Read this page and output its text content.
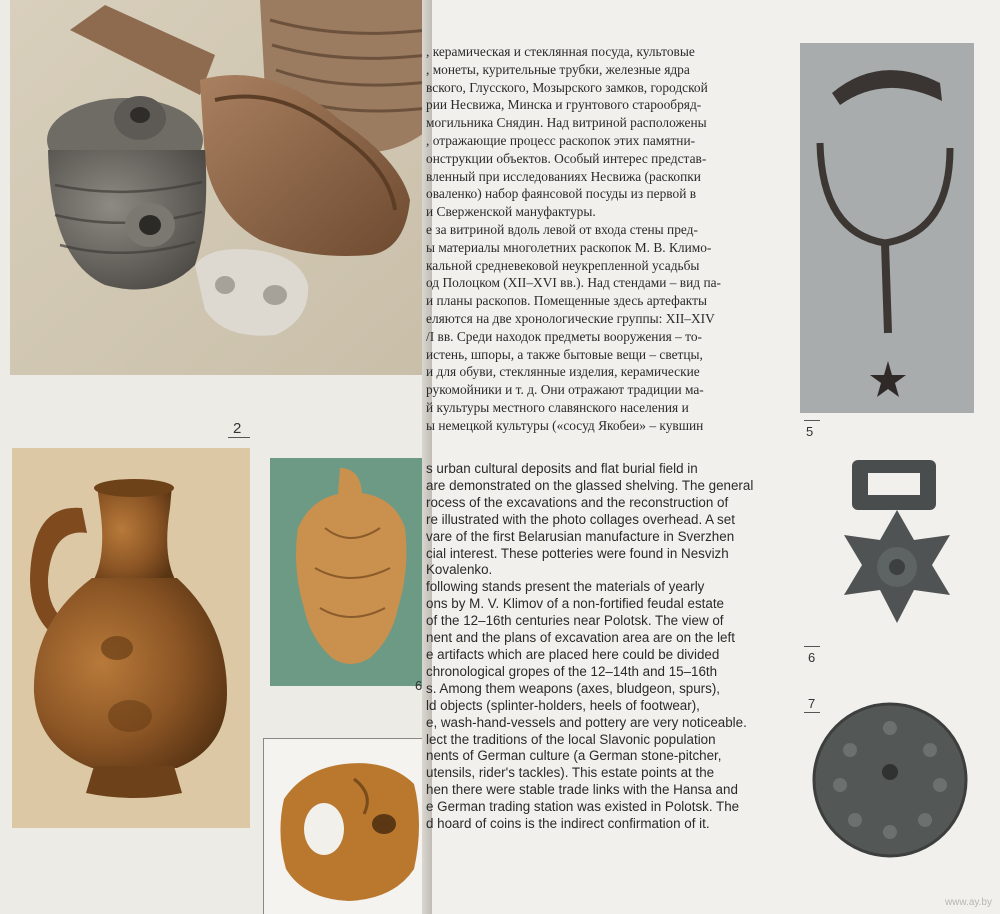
2
6
5
6
7
www.ay.by

, керамическая и стеклянная посуда, культовые

, монеты, курительные трубки, железные ядра

вского, Глусского, Мозырского замков, городской

рии Несвижа, Минска и грунтового старообряд-

могильника Снядин. Над витриной расположены

, отражающие процесс раскопок этих памятни-

онструкции объектов. Особый интерес представ-

вленный при исследованиях Несвижа (раскопки

оваленко) набор фаянсовой посуды из первой в

и Сверженской мануфактуры.

е за витриной вдоль левой от входа стены пред-

ы материалы многолетних раскопок М. В. Климо-

кальной средневековой неукрепленной усадьбы

од Полоцком (XII–XVI вв.). Над стендами – вид па-

и планы раскопов. Помещенные здесь артефакты

еляются на две хронологические группы: XII–XIV

/I вв. Среди находок предметы вооружения – то-

истень, шпоры, а также бытовые вещи – светцы,

и для обуви, стеклянные изделия, керамические

рукомойники и т. д. Они отражают традиции ма-

й культуры местного славянского населения и

ы немецкой культуры («сосуд Якобеи» – кувшин

s urban cultural deposits and flat burial field in

are demonstrated on the glassed shelving. The general

rocess of the excavations and the reconstruction of

re illustrated with the photo collages overhead. A set

vare of the first Belarusian manufacture in Sverzhen

cial interest. These potteries were found in Nesvizh

Kovalenko.

following stands present the materials of yearly

ons by M. V. Klimov of a non-fortified feudal estate

of the 12–16th centuries near Polotsk. The view of

nent and the plans of excavation area are on the left

e artifacts which are placed here could be divided

chronological gropes of the 12–14th and 15–16th

s. Among them weapons (axes, bludgeon, spurs),

ld objects (splinter-holders, heels of footwear),

e, wash-hand-vessels and pottery are very noticeable.

lect the traditions of the local Slavonic population

nents of German culture (a German stone-pitcher,

utensils, rider's tackles). This estate points at the

hen there were stable trade links with the Hansa and

e German trading station was existed in Polotsk. The

d hoard of coins is the indirect confirmation of it.
